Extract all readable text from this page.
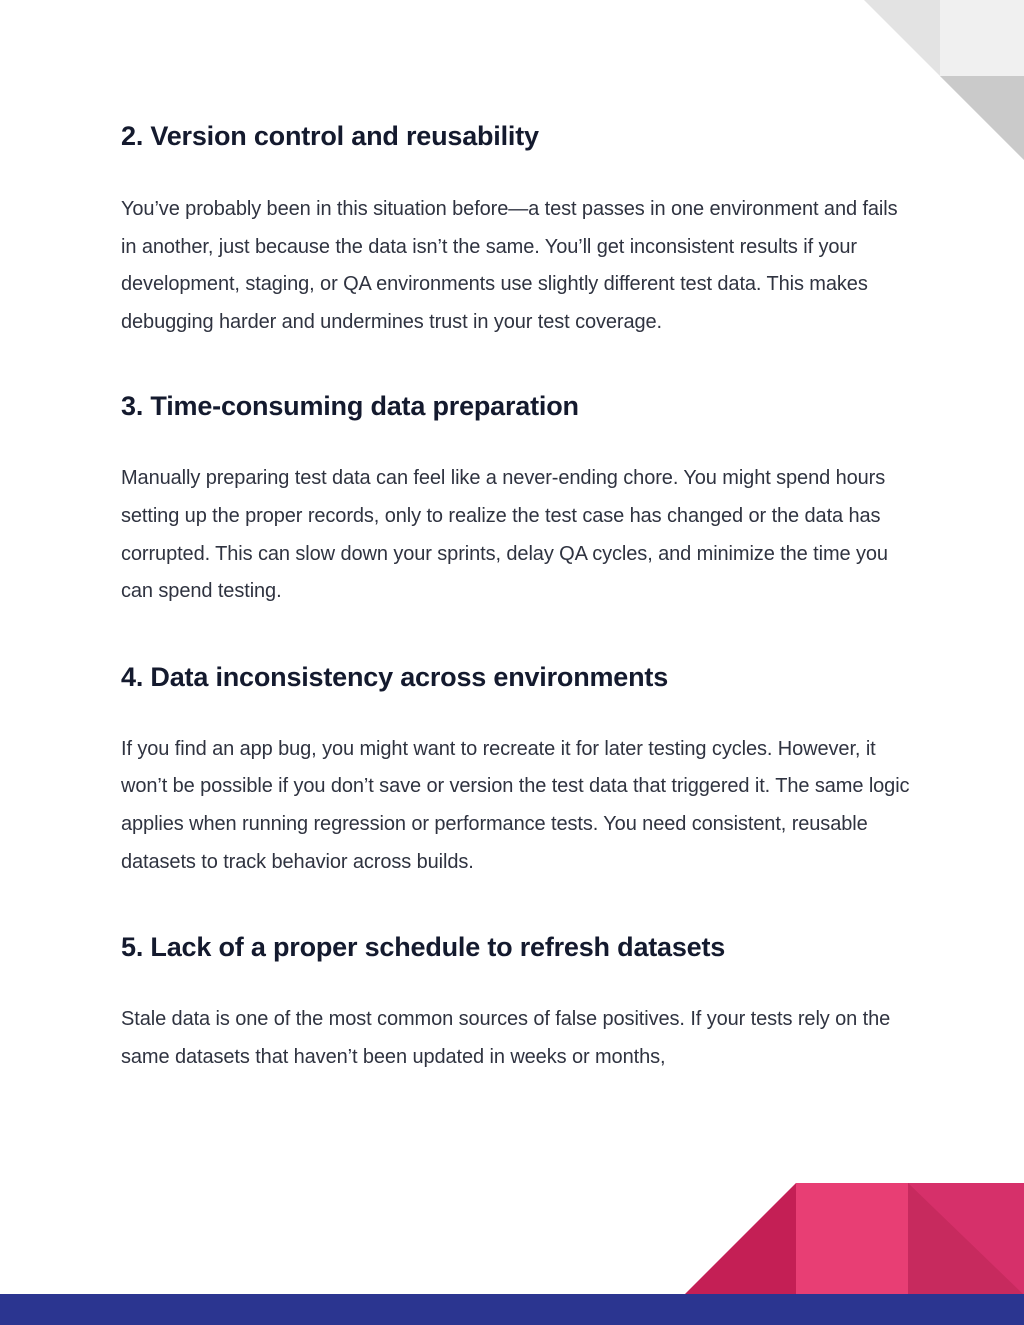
2. Version control and reusability

You’ve probably been in this situation before—a test passes in one environment and fails in another, just because the data isn’t the same. You’ll get inconsistent results if your development, staging, or QA environments use slightly different test data. This makes debugging harder and undermines trust in your test coverage.

3. Time-consuming data preparation

Manually preparing test data can feel like a never-ending chore. You might spend hours setting up the proper records, only to realize the test case has changed or the data has corrupted. This can slow down your sprints, delay QA cycles, and minimize the time you can spend testing.

4. Data inconsistency across environments

If you find an app bug, you might want to recreate it for later testing cycles. However, it won’t be possible if you don’t save or version the test data that triggered it. The same logic applies when running regression or performance tests. You need consistent, reusable datasets to track behavior across builds.

5. Lack of a proper schedule to refresh datasets

Stale data is one of the most common sources of false positives. If your tests rely on the same datasets that haven’t been updated in weeks or months,
